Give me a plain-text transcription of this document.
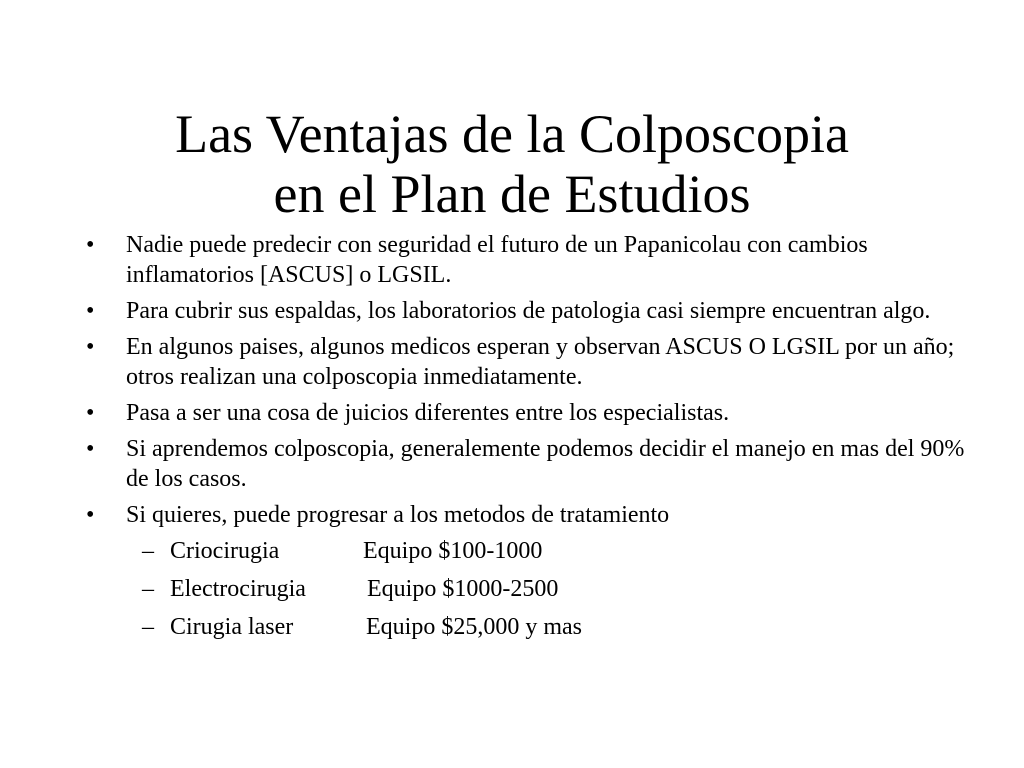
Las Ventajas de la Colposcopia
en el Plan de Estudios
•	Nadie puede predecir con seguridad el futuro de un Papanicolau con cambios inflamatorios [ASCUS] o LGSIL.
•	Para cubrir sus espaldas, los laboratorios de patologia casi siempre encuentran algo.
•	En algunos paises, algunos medicos esperan y observan ASCUS O LGSIL por un año; otros realizan una colposcopia inmediatamente.
•	Pasa a ser una cosa de juicios diferentes entre los especialistas.
•	Si aprendemos colposcopia, generalemente podemos decidir el manejo en mas del 90% de los casos.
•	Si quieres, puede progresar a los metodos de tratamiento
– Criocirugia	Equipo $100-1000
– Electrocirugia	Equipo $1000-2500
– Cirugia laser	Equipo $25,000 y mas
